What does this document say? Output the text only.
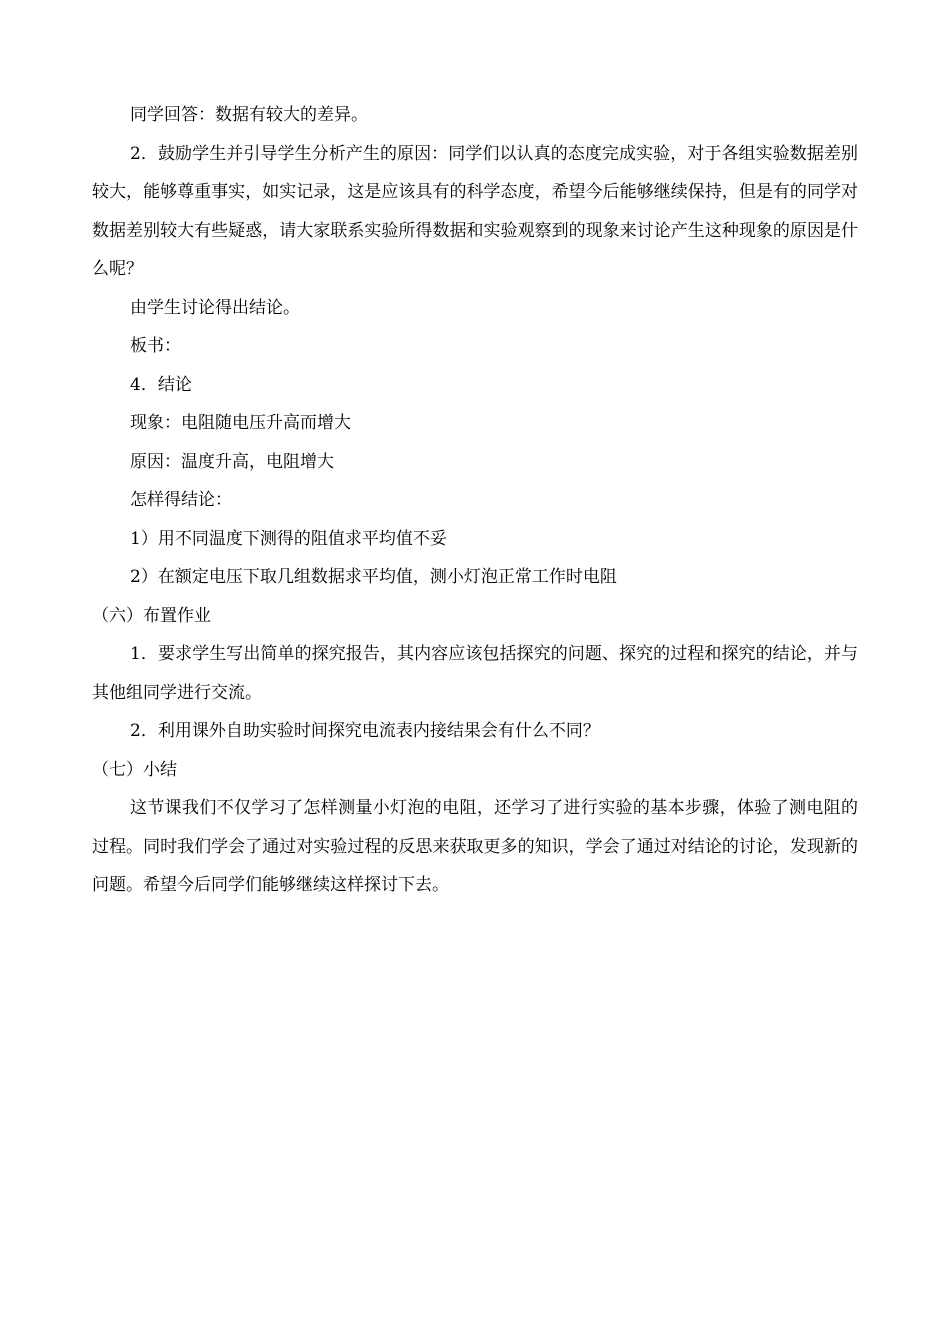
同学回答：数据有较大的差异。

2．鼓励学生并引导学生分析产生的原因：同学们以认真的态度完成实验，对于各组实验数据差别较大，能够尊重事实，如实记录，这是应该具有的科学态度，希望今后能够继续保持，但是有的同学对数据差别较大有些疑惑，请大家联系实验所得数据和实验观察到的现象来讨论产生这种现象的原因是什么呢？

由学生讨论得出结论。

板书：

4．结论

现象：电阻随电压升高而增大

原因：温度升高，电阻增大

怎样得结论：

1）用不同温度下测得的阻值求平均值不妥

2）在额定电压下取几组数据求平均值，测小灯泡正常工作时电阻

（六）布置作业

1．要求学生写出简单的探究报告，其内容应该包括探究的问题、探究的过程和探究的结论，并与其他组同学进行交流。

2．利用课外自助实验时间探究电流表内接结果会有什么不同？

（七）小结

这节课我们不仅学习了怎样测量小灯泡的电阻，还学习了进行实验的基本步骤，体验了测电阻的过程。同时我们学会了通过对实验过程的反思来获取更多的知识，学会了通过对结论的讨论，发现新的问题。希望今后同学们能够继续这样探讨下去。
